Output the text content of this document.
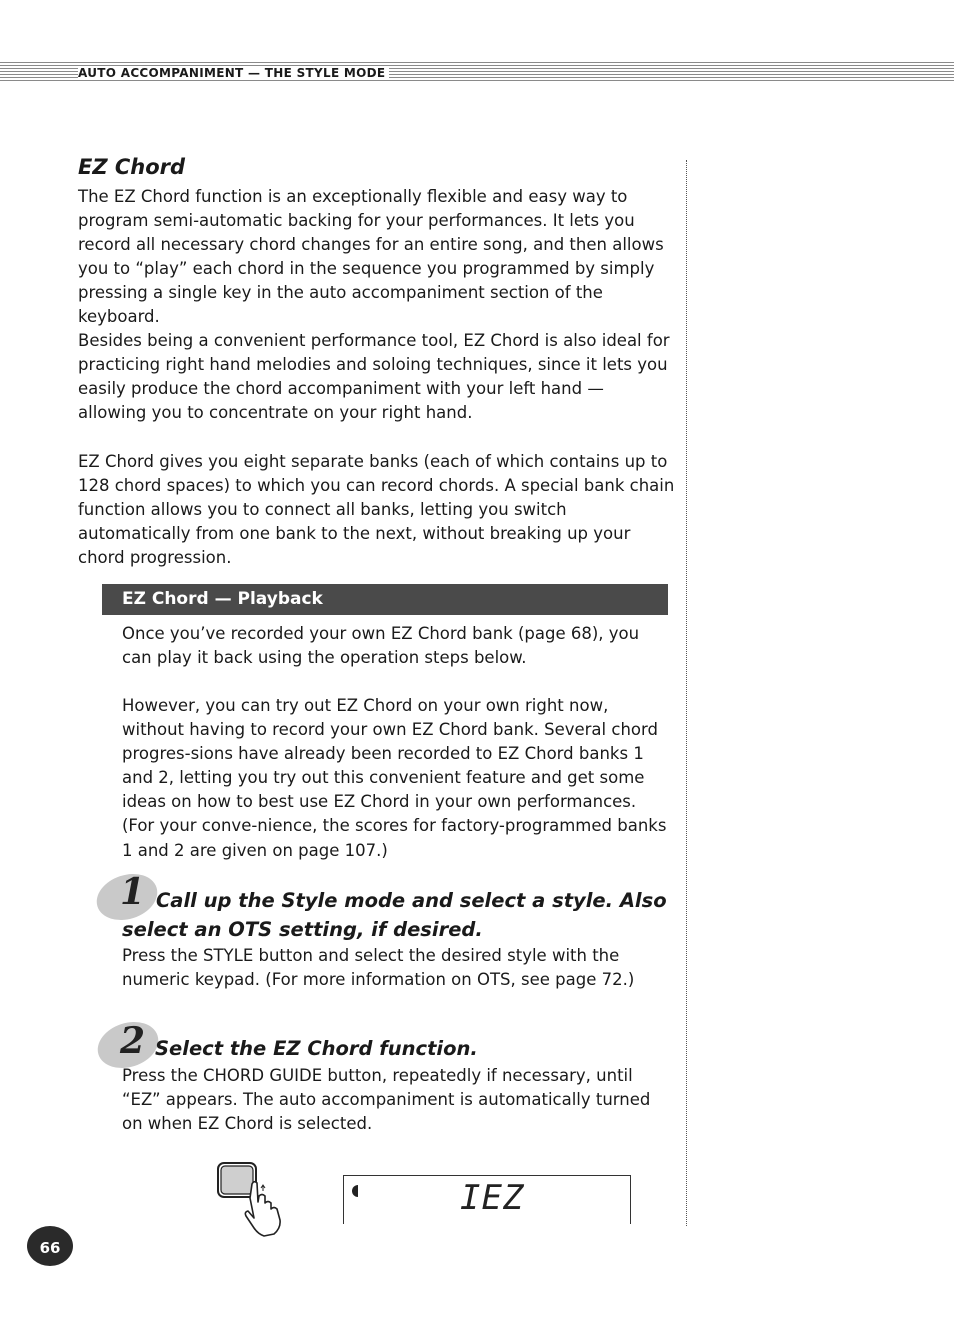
AUTO ACCOMPANIMENT — THE STYLE MODE
EZ Chord

The EZ Chord function is an exceptionally flexible and easy way to program semi-automatic backing for your performances. It lets you record all necessary chord changes for an entire song, and then allows you to “play” each chord in the sequence you programmed by simply pressing a single key in the auto accompaniment section of the keyboard.

Besides being a convenient performance tool, EZ Chord is also ideal for practicing right hand melodies and soloing techniques, since it lets you easily produce the chord accompaniment with your left hand — allowing you to concentrate on your right hand.

EZ Chord gives you eight separate banks (each of which contains up to 128 chord spaces) to which you can record chords. A special bank chain function allows you to connect all banks, letting you switch automatically from one bank to the next, without breaking up your chord progression.

EZ Chord — Playback

Once you’ve recorded your own EZ Chord bank (page 68), you can play it back using the operation steps below.

However, you can try out EZ Chord on your own right now, without having to record your own EZ Chord bank. Several chord progres-sions have already been recorded to EZ Chord banks 1 and 2, letting you try out this convenient feature and get some ideas on how to best use EZ Chord in your own performances. (For your conve-nience, the scores for factory-programmed banks 1 and 2 are given on page 107.)

1 Call up the Style mode and select a style. Also select an OTS setting, if desired.

Press the STYLE button and select the desired style with the numeric keypad. (For more information on OTS, see page 72.)

2 Select the EZ Chord function.

Press the CHORD GUIDE button, repeatedly if necessary, until “EZ” appears. The auto accompaniment is automatically turned on when EZ Chord is selected.

IEZ
66
